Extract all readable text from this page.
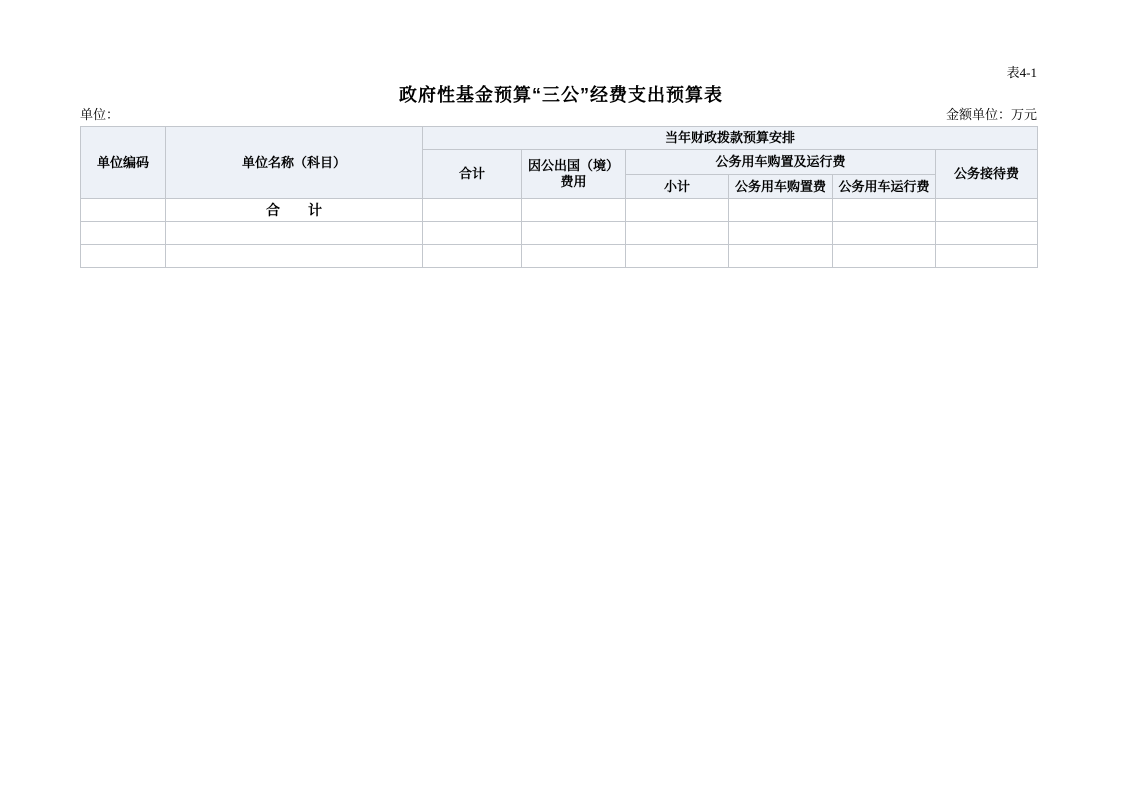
表4-1
政府性基金预算“三公”经费支出预算表
单位：	金额单位：万元
单位编码	单位名称（科目）	当年财政拨款预算安排					
		合计	因公出国（境）费用	公务用车购置及运行费			公务接待费
				小计	公务用车购置费	公务用车运行费	
	合　　计						
